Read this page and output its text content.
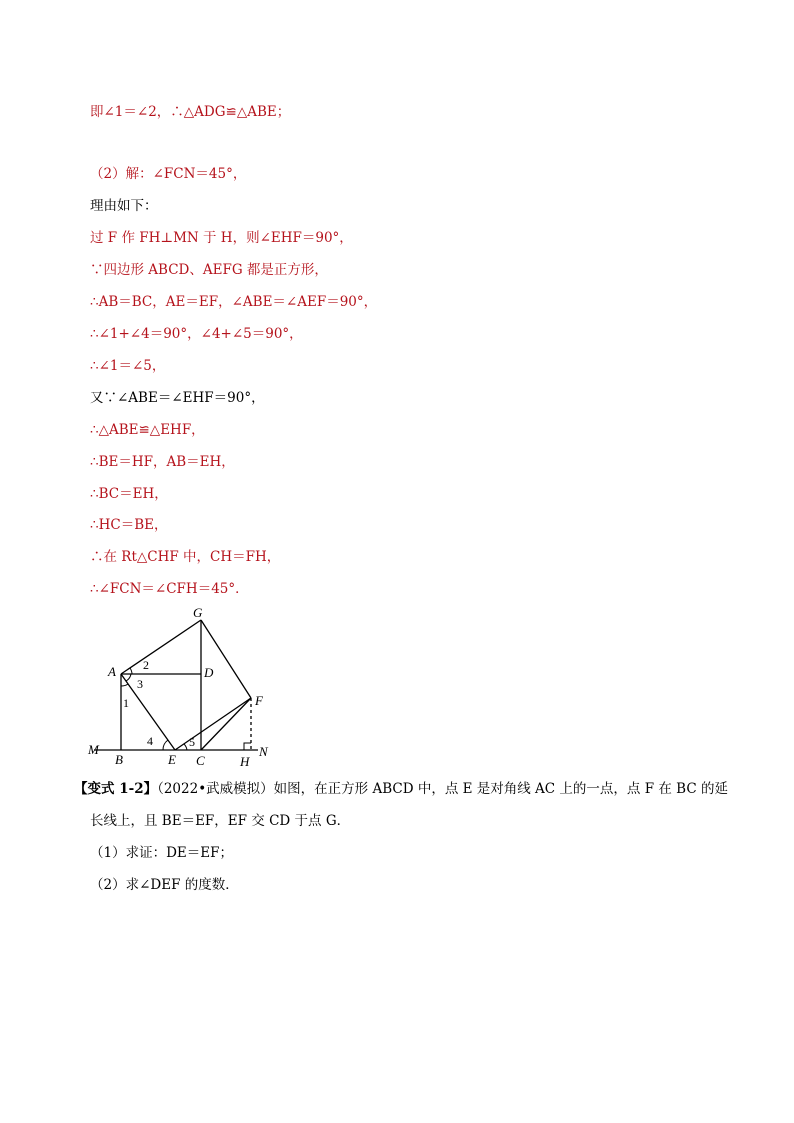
即∠1＝∠2，∴△ADG≌△ABE；
（2）解：∠FCN＝45°，
理由如下：
过 F 作 FH⊥MN 于 H，则∠EHF＝90°，
∵四边形 ABCD、AEFG 都是正方形，
∴AB＝BC，AE＝EF，∠ABE＝∠AEF＝90°，
∴∠1+∠4＝90°，∠4+∠5＝90°，
∴∠1＝∠5，
又∵∠ABE＝∠EHF＝90°，
∴△ABE≌△EHF，
∴BE＝HF，AB＝EH，
∴BC＝EH，
∴HC＝BE，
∴在 Rt△CHF 中，CH＝FH，
∴∠FCN＝∠CFH＝45°．
G
A	D
F
M
B	E C	H
N
2
3
1
4	5
【变式 1-2】（2022•武威模拟）如图，在正方形 ABCD 中，点 E 是对角线 AC 上的一点，点 F 在 BC 的延
长线上，且 BE＝EF，EF 交 CD 于点 G．
（1）求证：DE＝EF；
（2）求∠DEF 的度数．
